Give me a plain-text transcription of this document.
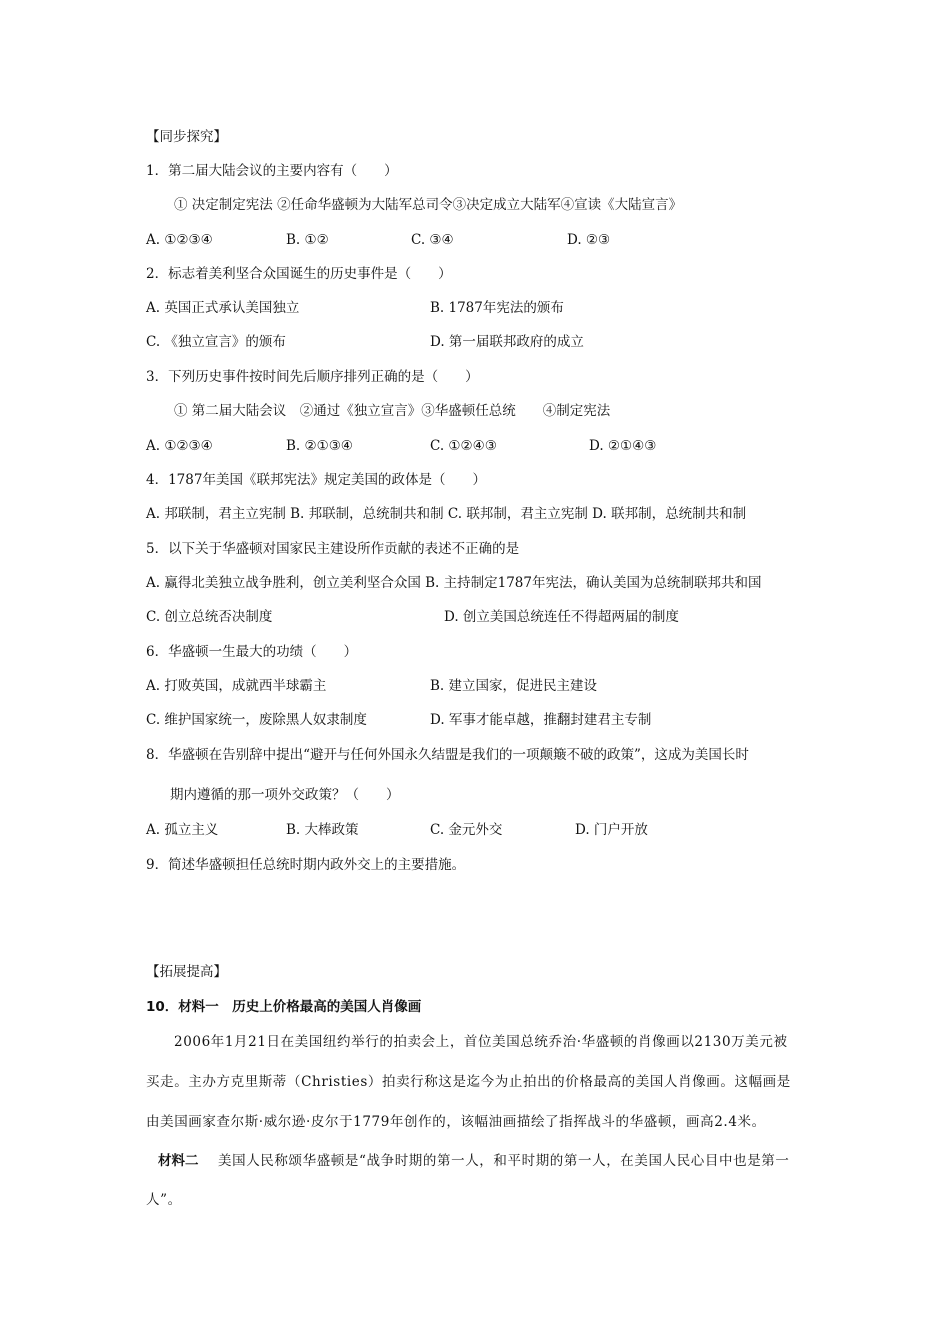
【同步探究】
1．第二届大陆会议的主要内容有（　　）
① 决定制定宪法 ②任命华盛顿为大陆军总司令③决定成立大陆军④宣读《大陆宣言》
A. ①②③④	B. ①②	C. ③④	D. ②③
2．标志着美利坚合众国诞生的历史事件是（　　）
A. 英国正式承认美国独立	B. 1787年宪法的颁布
C. 《独立宣言》的颁布	D. 第一届联邦政府的成立
3．下列历史事件按时间先后顺序排列正确的是（　　）
① 第二届大陆会议　②通过《独立宣言》③华盛顿任总统　　④制定宪法
A. ①②③④	B. ②①③④	C. ①②④③	D. ②①④③
4．1787年美国《联邦宪法》规定美国的政体是（　　）
A. 邦联制，君主立宪制 B. 邦联制，总统制共和制 C. 联邦制，君主立宪制 D. 联邦制，总统制共和制
5．以下关于华盛顿对国家民主建设所作贡献的表述不正确的是
A. 赢得北美独立战争胜利，创立美利坚合众国 B. 主持制定1787年宪法，确认美国为总统制联邦共和国
C. 创立总统否决制度	D. 创立美国总统连任不得超两届的制度
6．华盛顿一生最大的功绩（　　）
A. 打败英国，成就西半球霸主	B. 建立国家，促进民主建设
C. 维护国家统一，废除黑人奴隶制度	D. 军事才能卓越，推翻封建君主专制
8．华盛顿在告别辞中提出“避开与任何外国永久结盟是我们的一项颠簸不破的政策”，这成为美国长时
期内遵循的那一项外交政策？（　　）
A. 孤立主义	B. 大棒政策	C. 金元外交	D. 门户开放
9．简述华盛顿担任总统时期内政外交上的主要措施。
【拓展提高】
10．材料一　历史上价格最高的美国人肖像画
2006年1月21日在美国纽约举行的拍卖会上，首位美国总统乔治·华盛顿的肖像画以2130万美元被
买走。主办方克里斯蒂（Christies）拍卖行称这是迄今为止拍出的价格最高的美国人肖像画。这幅画是
由美国画家查尔斯·威尔逊·皮尔于1779年创作的，该幅油画描绘了指挥战斗的华盛顿，画高2.4米。
材料二 美国人民称颂华盛顿是“战争时期的第一人，和平时期的第一人，在美国人民心目中也是第一
人”。
